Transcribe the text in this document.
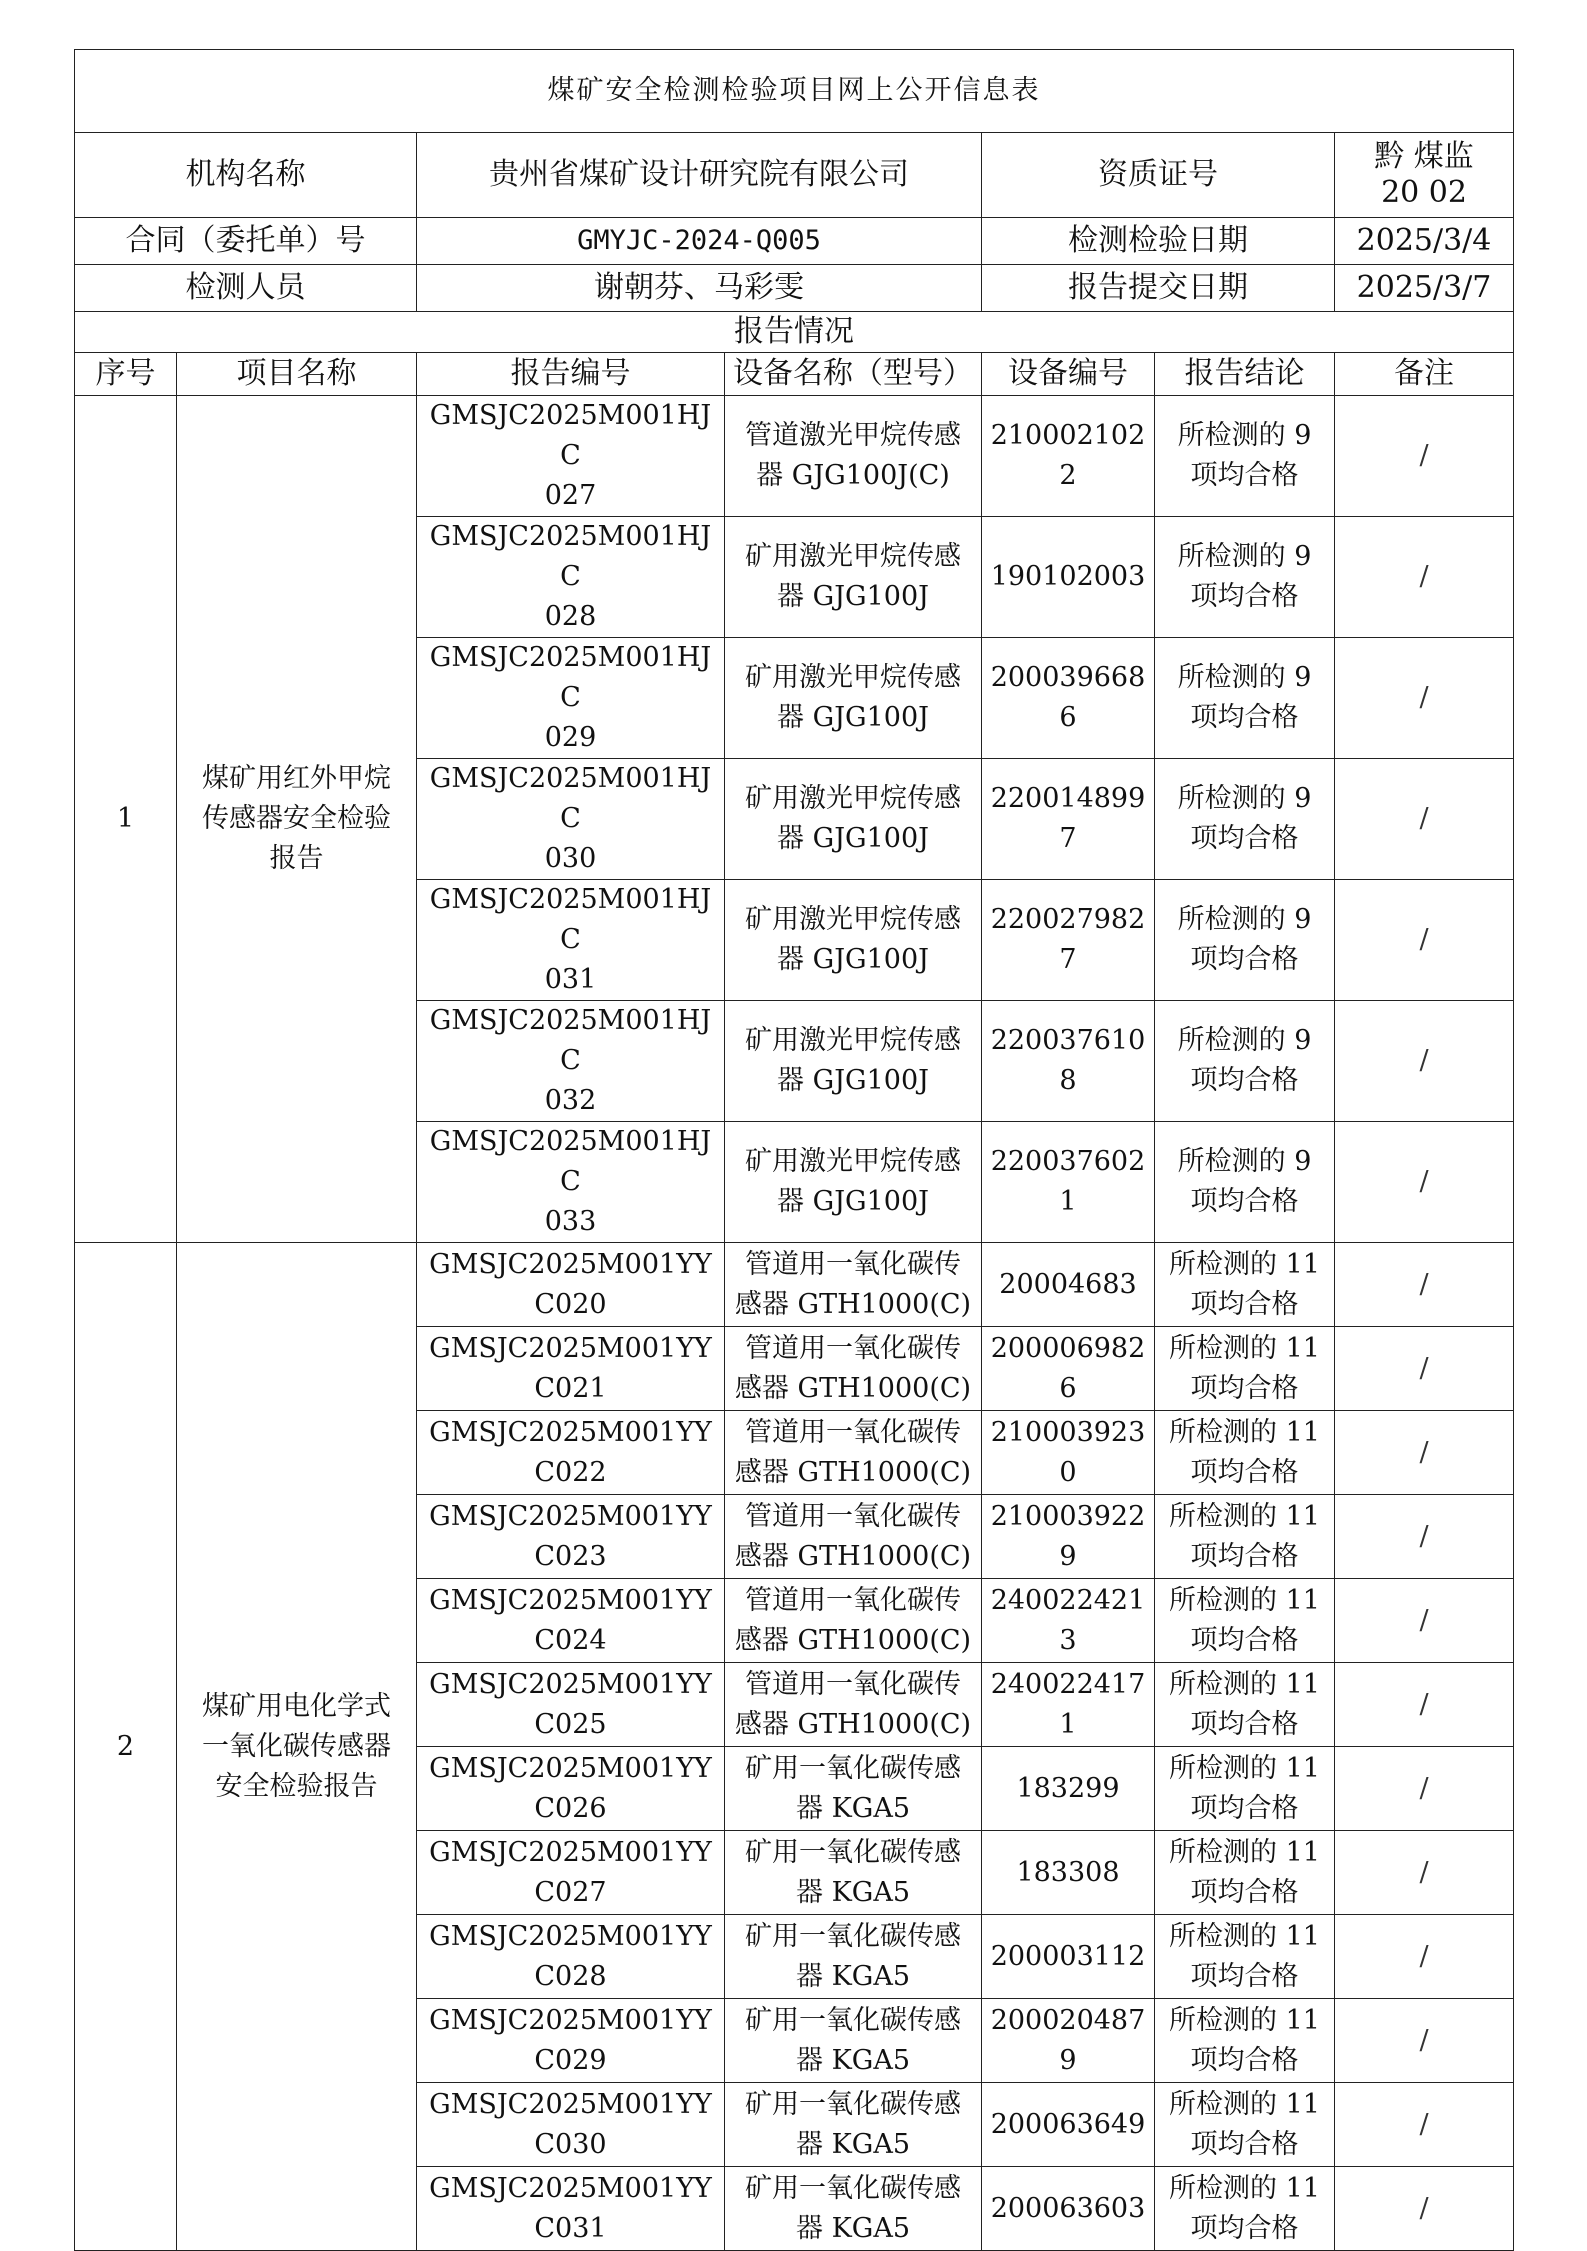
煤矿安全检测检验项目网上公开信息表						
机构名称		贵州省煤矿设计研究院有限公司		资质证号		黔 煤监
20 02

合同（委托单）号		GMYJC-2024-Q005		检测检验日期		2025/3/4
检测人员		谢朝芬、马彩雯		报告提交日期		2025/3/7
报告情况						
序号	项目名称	报告编号	设备名称（型号）	设备编号	报告结论	备注
1	煤矿用红外甲烷
传感器安全检验
报告	GMSJC2025M001HJC
027	管道激光甲烷传感
器 GJG100J(C)	2100021022	所检测的 9
项均合格	/

		GMSJC2025M001HJC
028	矿用激光甲烷传感
器 GJG100J	190102003	所检测的 9
项均合格	/

		GMSJC2025M001HJC
029	矿用激光甲烷传感
器 GJG100J	2000396686	所检测的 9
项均合格	/

		GMSJC2025M001HJC
030	矿用激光甲烷传感
器 GJG100J	2200148997	所检测的 9
项均合格	/

		GMSJC2025M001HJC
031	矿用激光甲烷传感
器 GJG100J	2200279827	所检测的 9
项均合格	/

		GMSJC2025M001HJC
032	矿用激光甲烷传感
器 GJG100J	2200376108	所检测的 9
项均合格	/

		GMSJC2025M001HJC
033	矿用激光甲烷传感
器 GJG100J	2200376021	所检测的 9
项均合格	/
2	煤矿用电化学式
一氧化碳传感器
安全检验报告	GMSJC2025M001YY
C020	管道用一氧化碳传
感器 GTH1000(C)	20004683	所检测的 11
项均合格	/

		GMSJC2025M001YY
C021	管道用一氧化碳传
感器 GTH1000(C)	2000069826	所检测的 11
项均合格	/

		GMSJC2025M001YY
C022	管道用一氧化碳传
感器 GTH1000(C)	2100039230	所检测的 11
项均合格	/

		GMSJC2025M001YY
C023	管道用一氧化碳传
感器 GTH1000(C)	2100039229	所检测的 11
项均合格	/

		GMSJC2025M001YY
C024	管道用一氧化碳传
感器 GTH1000(C)	2400224213	所检测的 11
项均合格	/

		GMSJC2025M001YY
C025	管道用一氧化碳传
感器 GTH1000(C)	2400224171	所检测的 11
项均合格	/

		GMSJC2025M001YY
C026	矿用一氧化碳传感
器 KGA5	183299	所检测的 11
项均合格	/

		GMSJC2025M001YY
C027	矿用一氧化碳传感
器 KGA5	183308	所检测的 11
项均合格	/

		GMSJC2025M001YY
C028	矿用一氧化碳传感
器 KGA5	200003112	所检测的 11
项均合格	/

		GMSJC2025M001YY
C029	矿用一氧化碳传感
器 KGA5	2000204879	所检测的 11
项均合格	/

		GMSJC2025M001YY
C030	矿用一氧化碳传感
器 KGA5	200063649	所检测的 11
项均合格	/

		GMSJC2025M001YY
C031	矿用一氧化碳传感
器 KGA5	200063603	所检测的 11
项均合格	/
